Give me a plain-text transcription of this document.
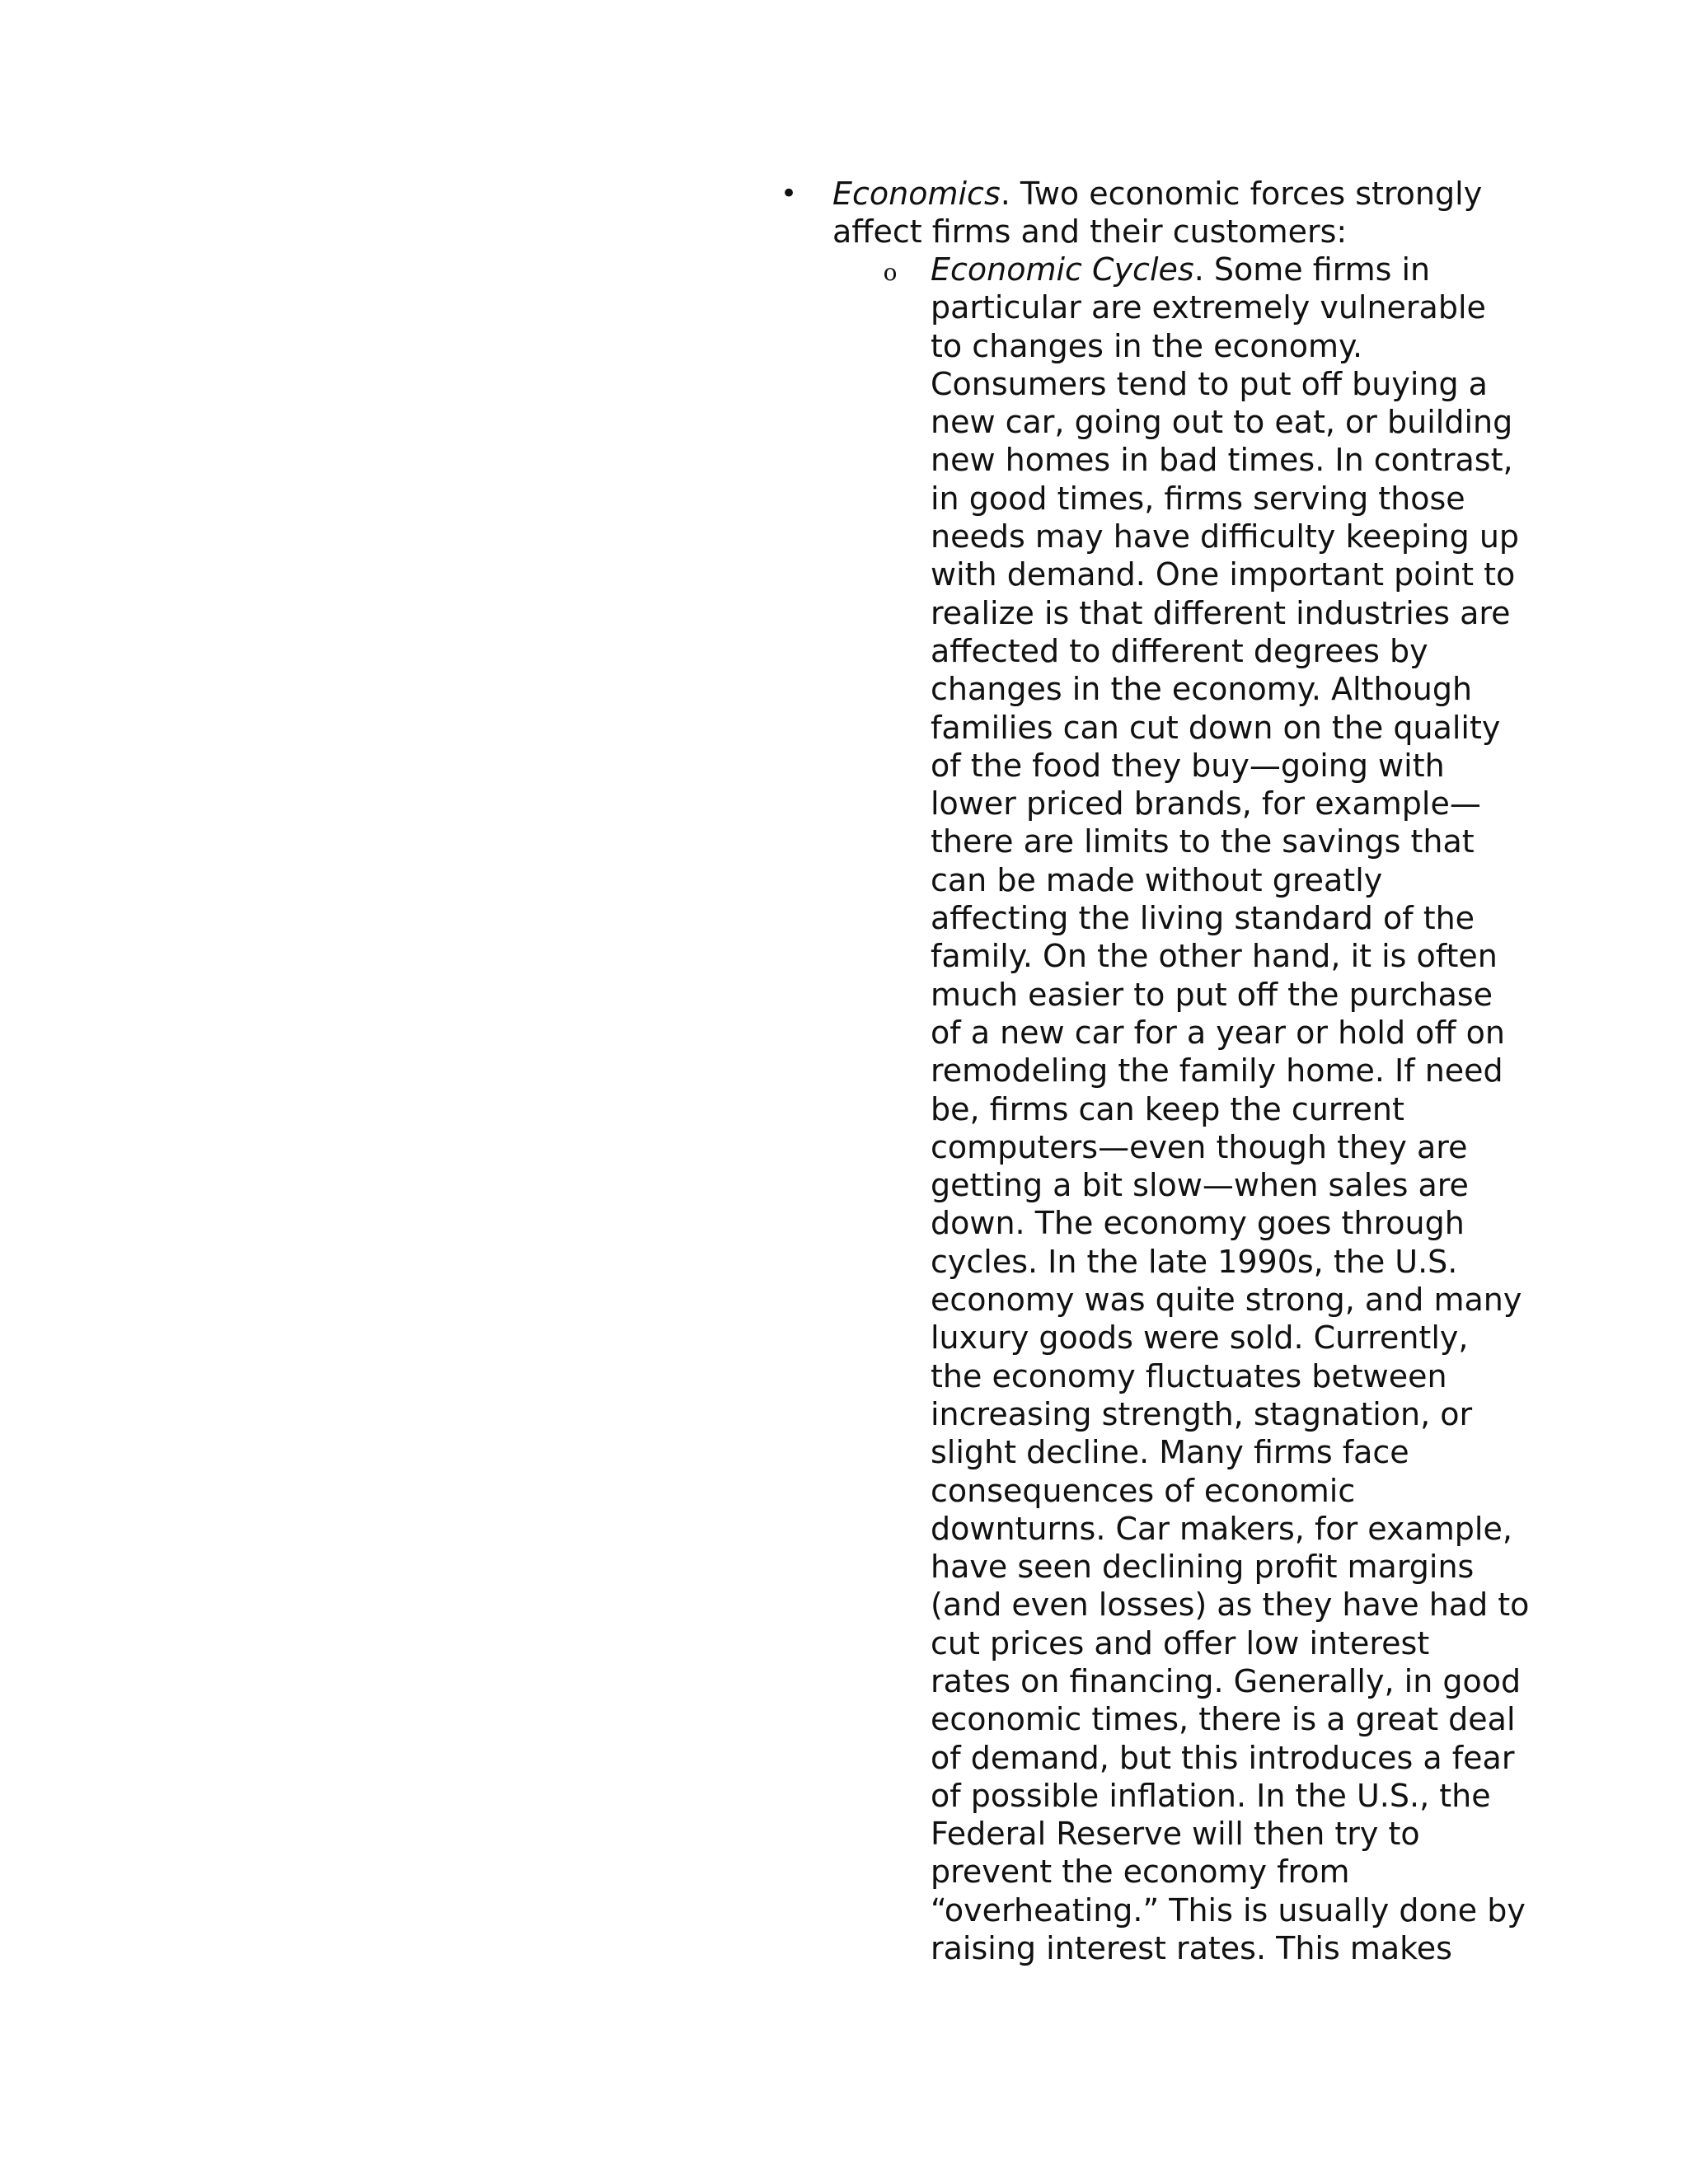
• Economics. Two economic forces strongly
affect firms and their customers:
o Economic Cycles. Some firms in
particular are extremely vulnerable
to changes in the economy.
Consumers tend to put off buying a
new car, going out to eat, or building
new homes in bad times. In contrast,
in good times, firms serving those
needs may have difficulty keeping up
with demand. One important point to
realize is that different industries are
affected to different degrees by
changes in the economy. Although
families can cut down on the quality
of the food they buy—going with
lower priced brands, for example—
there are limits to the savings that
can be made without greatly
affecting the living standard of the
family. On the other hand, it is often
much easier to put off the purchase
of a new car for a year or hold off on
remodeling the family home. If need
be, firms can keep the current
computers—even though they are
getting a bit slow—when sales are
down. The economy goes through
cycles. In the late 1990s, the U.S.
economy was quite strong, and many
luxury goods were sold. Currently,
the economy fluctuates between
increasing strength, stagnation, or
slight decline. Many firms face
consequences of economic
downturns. Car makers, for example,
have seen declining profit margins
(and even losses) as they have had to
cut prices and offer low interest
rates on financing. Generally, in good
economic times, there is a great deal
of demand, but this introduces a fear
of possible inflation. In the U.S., the
Federal Reserve will then try to
prevent the economy from
“overheating.” This is usually done by
raising interest rates. This makes
